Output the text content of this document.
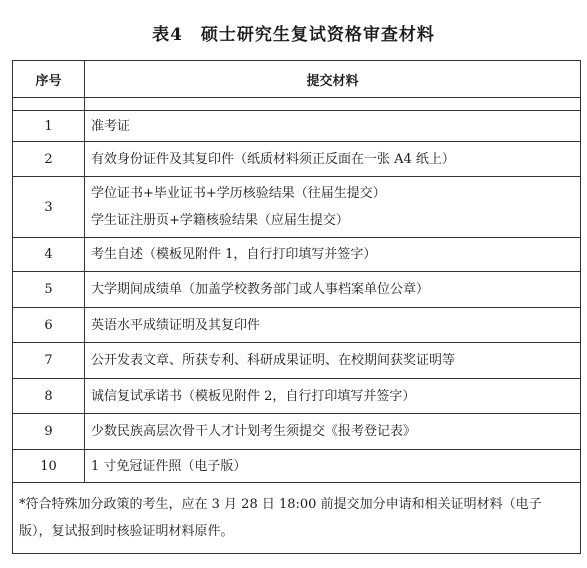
表4　硕士研究生复试资格审查材料
序号	提交材料

1	准考证

2	有效身份证件及其复印件（纸质材料须正反面在一张 A4 纸上）

3	学位证书+毕业证书+学历核验结果（往届生提交）
学生证注册页+学籍核验结果（应届生提交）

4	考生自述（模板见附件 1，自行打印填写并签字）

5	大学期间成绩单（加盖学校教务部门或人事档案单位公章）

6	英语水平成绩证明及其复印件

7	公开发表文章、所获专利、科研成果证明、在校期间获奖证明等

8	诚信复试承诺书（模板见附件 2，自行打印填写并签字）

9	少数民族高层次骨干人才计划考生须提交《报考登记表》

10	1 寸免冠证件照（电子版）

*符合特殊加分政策的考生，应在 3 月 28 日 18:00 前提交加分申请和相关证明材料（电子版），复试报到时核验证明材料原件。	
